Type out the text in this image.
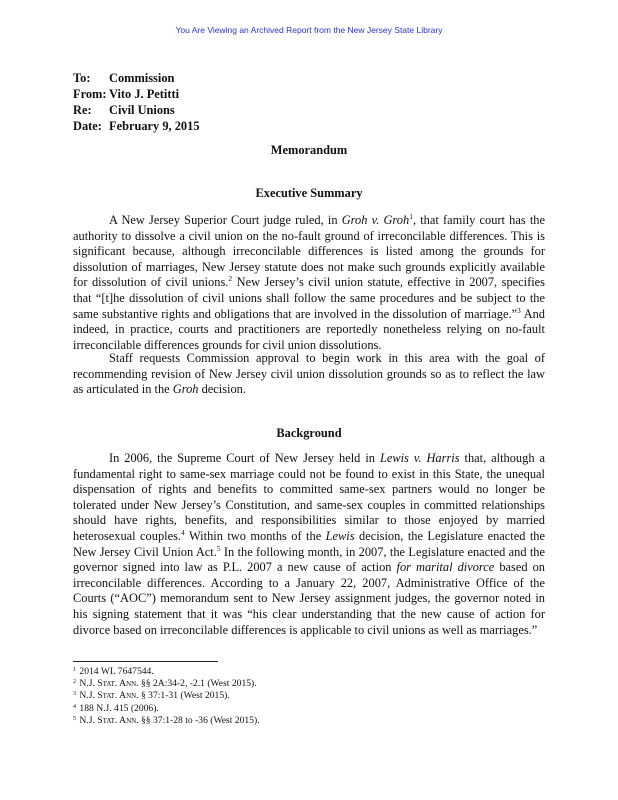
You Are Viewing an Archived Report from the New Jersey State Library
To:	Commission
From: Vito J. Petitti
Re:	Civil Unions
Date: February 9, 2015
Memorandum
Executive Summary

A New Jersey Superior Court judge ruled, in Groh v. Groh$^1$, that family court has the authority to dissolve a civil union on the no-fault ground of irreconcilable differences. This is significant because, although irreconcilable differences is listed among the grounds for dissolution of marriages, New Jersey statute does not make such grounds explicitly available for dissolution of civil unions.$^2$ New Jersey’s civil union statute, effective in 2007, specifies that “[t]he dissolution of civil unions shall follow the same procedures and be subject to the same substantive rights and obligations that are involved in the dissolution of marriage.”$^3$ And indeed, in practice, courts and practitioners are reportedly nonetheless relying on no-fault irreconcilable differences grounds for civil union dissolutions.

Staff requests Commission approval to begin work in this area with the goal of recommending revision of New Jersey civil union dissolution grounds so as to reflect the law as articulated in the Groh decision.

Background

In 2006, the Supreme Court of New Jersey held in Lewis v. Harris that, although a fundamental right to same-sex marriage could not be found to exist in this State, the unequal dispensation of rights and benefits to committed same-sex partners would no longer be tolerated under New Jersey’s Constitution, and same-sex couples in committed relationships should have rights, benefits, and responsibilities similar to those enjoyed by married heterosexual couples.$^4$ Within two months of the Lewis decision, the Legislature enacted the New Jersey Civil Union Act.$^5$ In the following month, in 2007, the Legislature enacted and the governor signed into law as P.L. 2007 a new cause of action for marital divorce based on irreconcilable differences. According to a January 22, 2007, Administrative Office of the Courts (“AOC”) memorandum sent to New Jersey assignment judges, the governor noted in his signing statement that it was “his clear understanding that the new cause of action for divorce based on irreconcilable differences is applicable to civil unions as well as marriages.”

$^1$ 2014 WL 7647544.
$^2$ N.J. Stat. Ann. §§ 2A:34-2, -2.1 (West 2015).
$^3$ N.J. Stat. Ann. § 37:1-31 (West 2015).
$^4$ 188 N.J. 415 (2006).
$^5$ N.J. Stat. Ann. §§ 37:1-28 to -36 (West 2015).
